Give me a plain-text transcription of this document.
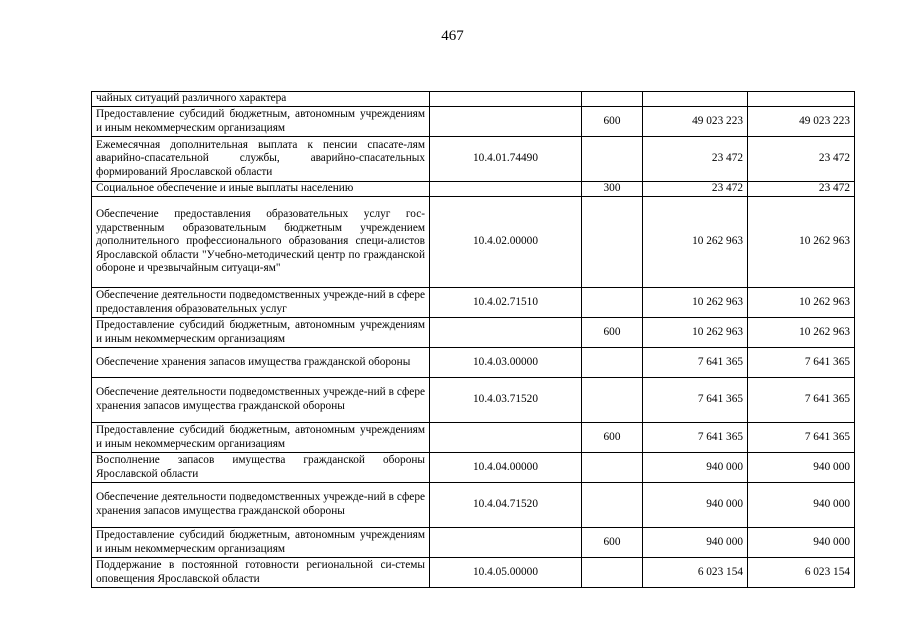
467
чайных ситуаций различного характера				
Предоставление субсидий бюджетным, автономным учреждениям и иным некоммерческим организациям		600	49 023 223	49 023 223
Ежемесячная дополнительная выплата к пенсии спасате-лям аварийно-спасательной службы, аварийно-спасательных формирований Ярославской области	10.4.01.74490		23 472	23 472
Социальное обеспечение и иные выплаты населению		300	23 472	23 472
Обеспечение предоставления образовательных услуг гос-ударственным образовательным бюджетным учреждением дополнительного профессионального образования специ-алистов Ярославской области "Учебно-методический центр по гражданской обороне и чрезвычайным ситуаци-ям"	10.4.02.00000		10 262 963	10 262 963
Обеспечение деятельности подведомственных учрежде-ний в сфере предоставления образовательных услуг	10.4.02.71510		10 262 963	10 262 963
Предоставление субсидий бюджетным, автономным учреждениям и иным некоммерческим организациям		600	10 262 963	10 262 963
Обеспечение хранения запасов имущества гражданской обороны	10.4.03.00000		7 641 365	7 641 365
Обеспечение деятельности подведомственных учрежде-ний в сфере хранения запасов имущества гражданской обороны	10.4.03.71520		7 641 365	7 641 365
Предоставление субсидий бюджетным, автономным учреждениям и иным некоммерческим организациям		600	7 641 365	7 641 365
Восполнение запасов имущества гражданской обороны Ярославской области	10.4.04.00000		940 000	940 000
Обеспечение деятельности подведомственных учрежде-ний в сфере хранения запасов имущества гражданской обороны	10.4.04.71520		940 000	940 000
Предоставление субсидий бюджетным, автономным учреждениям и иным некоммерческим организациям		600	940 000	940 000
Поддержание в постоянной готовности региональной си-стемы оповещения Ярославской области	10.4.05.00000		6 023 154	6 023 154
